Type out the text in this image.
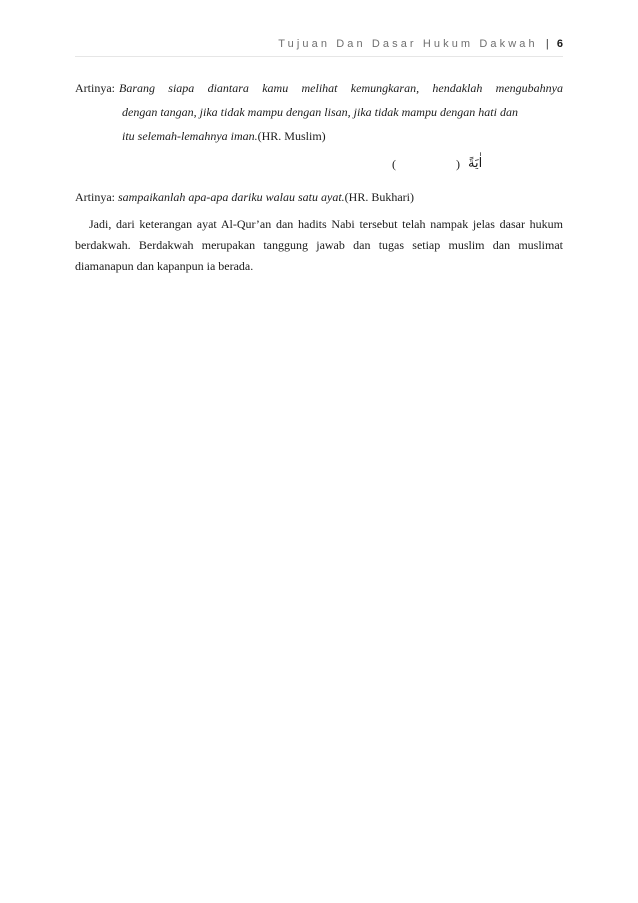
Tujuan Dan Dasar Hukum Dakwah | 6
Artinya: Barang siapa diantara kamu melihat kemungkaran, hendaklah mengubahnya
dengan tangan, jika tidak mampu dengan lisan, jika tidak mampu dengan hati dan
itu selemah-lemahnya iman.(HR. Muslim)
(	) اٰيَةً
Artinya: sampaikanlah apa-apa dariku walau satu ayat.(HR. Bukhari)
Jadi, dari keterangan ayat Al-Qur’an dan hadits Nabi tersebut telah nampak jelas dasar hukum berdakwah. Berdakwah merupakan tanggung jawab dan tugas setiap muslim dan muslimat diamanapun dan kapanpun ia berada.
